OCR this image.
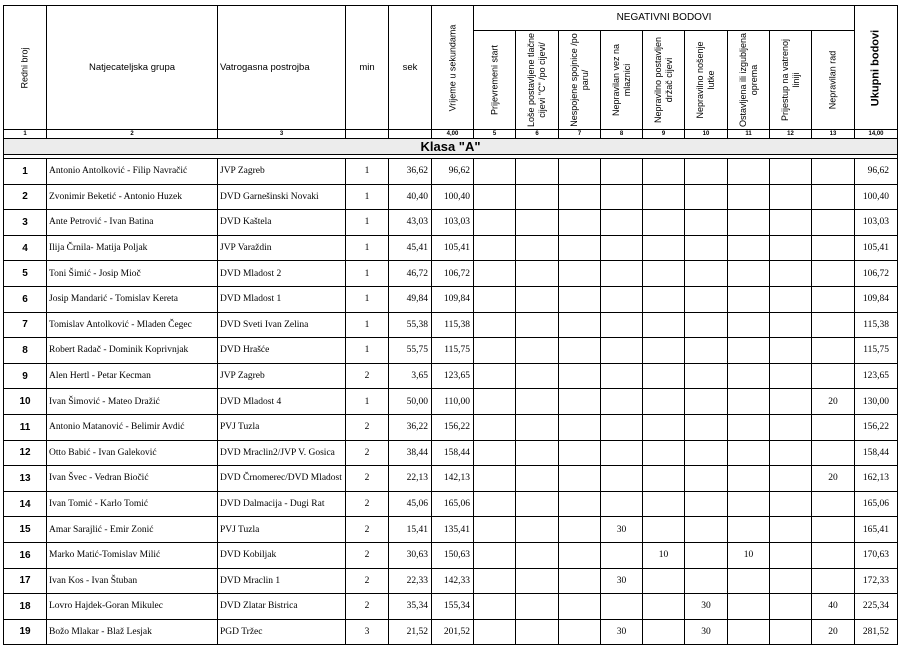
Redni broj	Natjecateljska grupa	Vatrogasna postrojba	min	sek	Vrijeme u sekundama	NEGATIVNI BODOVI									Ukupni bodovi

						Prijevremeni start	Loše postavljene tlačne cijevi "C" /po cijevi/	Nespojene spojnice /po paru/	Nepravilan vez na mlaznici	Nepravilno postavljen držač cijevi	Nepravilno nošenje lutke	Ostavljena ili izgubljena oprema	Prijestup na vatrenoj liniji	Nepravilan rad	

1	2	3			4,00	5	6	7	8	9	10	11	12	13	14,00
Klasa "A"															

1	Antonio Antolković - Filip Navračić	JVP Zagreb	1	36,62	96,62										96,62
2	Zvonimir Beketić - Antonio Huzek	DVD Garnešinski Novaki	1	40,40	100,40										100,40
3	Ante Petrović - Ivan Batina	DVD Kaštela	1	43,03	103,03										103,03
4	Ilija Črnila- Matija Poljak	JVP Varaždin	1	45,41	105,41										105,41
5	Toni Šimić - Josip Mioč	DVD Mladost 2	1	46,72	106,72										106,72
6	Josip Mandarić - Tomislav Kereta	DVD Mladost 1	1	49,84	109,84										109,84
7	Tomislav Antolković - Mladen Čegec	DVD Sveti Ivan Zelina	1	55,38	115,38										115,38
8	Robert Radač - Dominik Koprivnjak	DVD Hrašće	1	55,75	115,75										115,75
9	Alen Hertl - Petar Kecman	JVP Zagreb	2	3,65	123,65										123,65
10	Ivan Šimović - Mateo Dražić	DVD Mladost 4	1	50,00	110,00									20	130,00
11	Antonio Matanović - Belimir Avdić	PVJ Tuzla	2	36,22	156,22										156,22
12	Otto Babić - Ivan Galeković	DVD Mraclin2/JVP V. Gosica	2	38,44	158,44										158,44
13	Ivan Švec - Vedran Biočić	DVD Črnomerec/DVD Mladost	2	22,13	142,13									20	162,13
14	Ivan Tomić - Karlo Tomić	DVD Dalmacija - Dugi Rat	2	45,06	165,06										165,06
15	Amar Sarajlić - Emir Zonić	PVJ Tuzla	2	15,41	135,41				30						165,41
16	Marko Matić-Tomislav Milić	DVD Kobiljak	2	30,63	150,63					10		10			170,63
17	Ivan Kos - Ivan Štuban	DVD Mraclin 1	2	22,33	142,33				30						172,33
18	Lovro Hajdek-Goran Mikulec	DVD Zlatar Bistrica	2	35,34	155,34						30			40	225,34
19	Božo Mlakar - Blaž Lesjak	PGD Tržec	3	21,52	201,52				30		30			20	281,52
